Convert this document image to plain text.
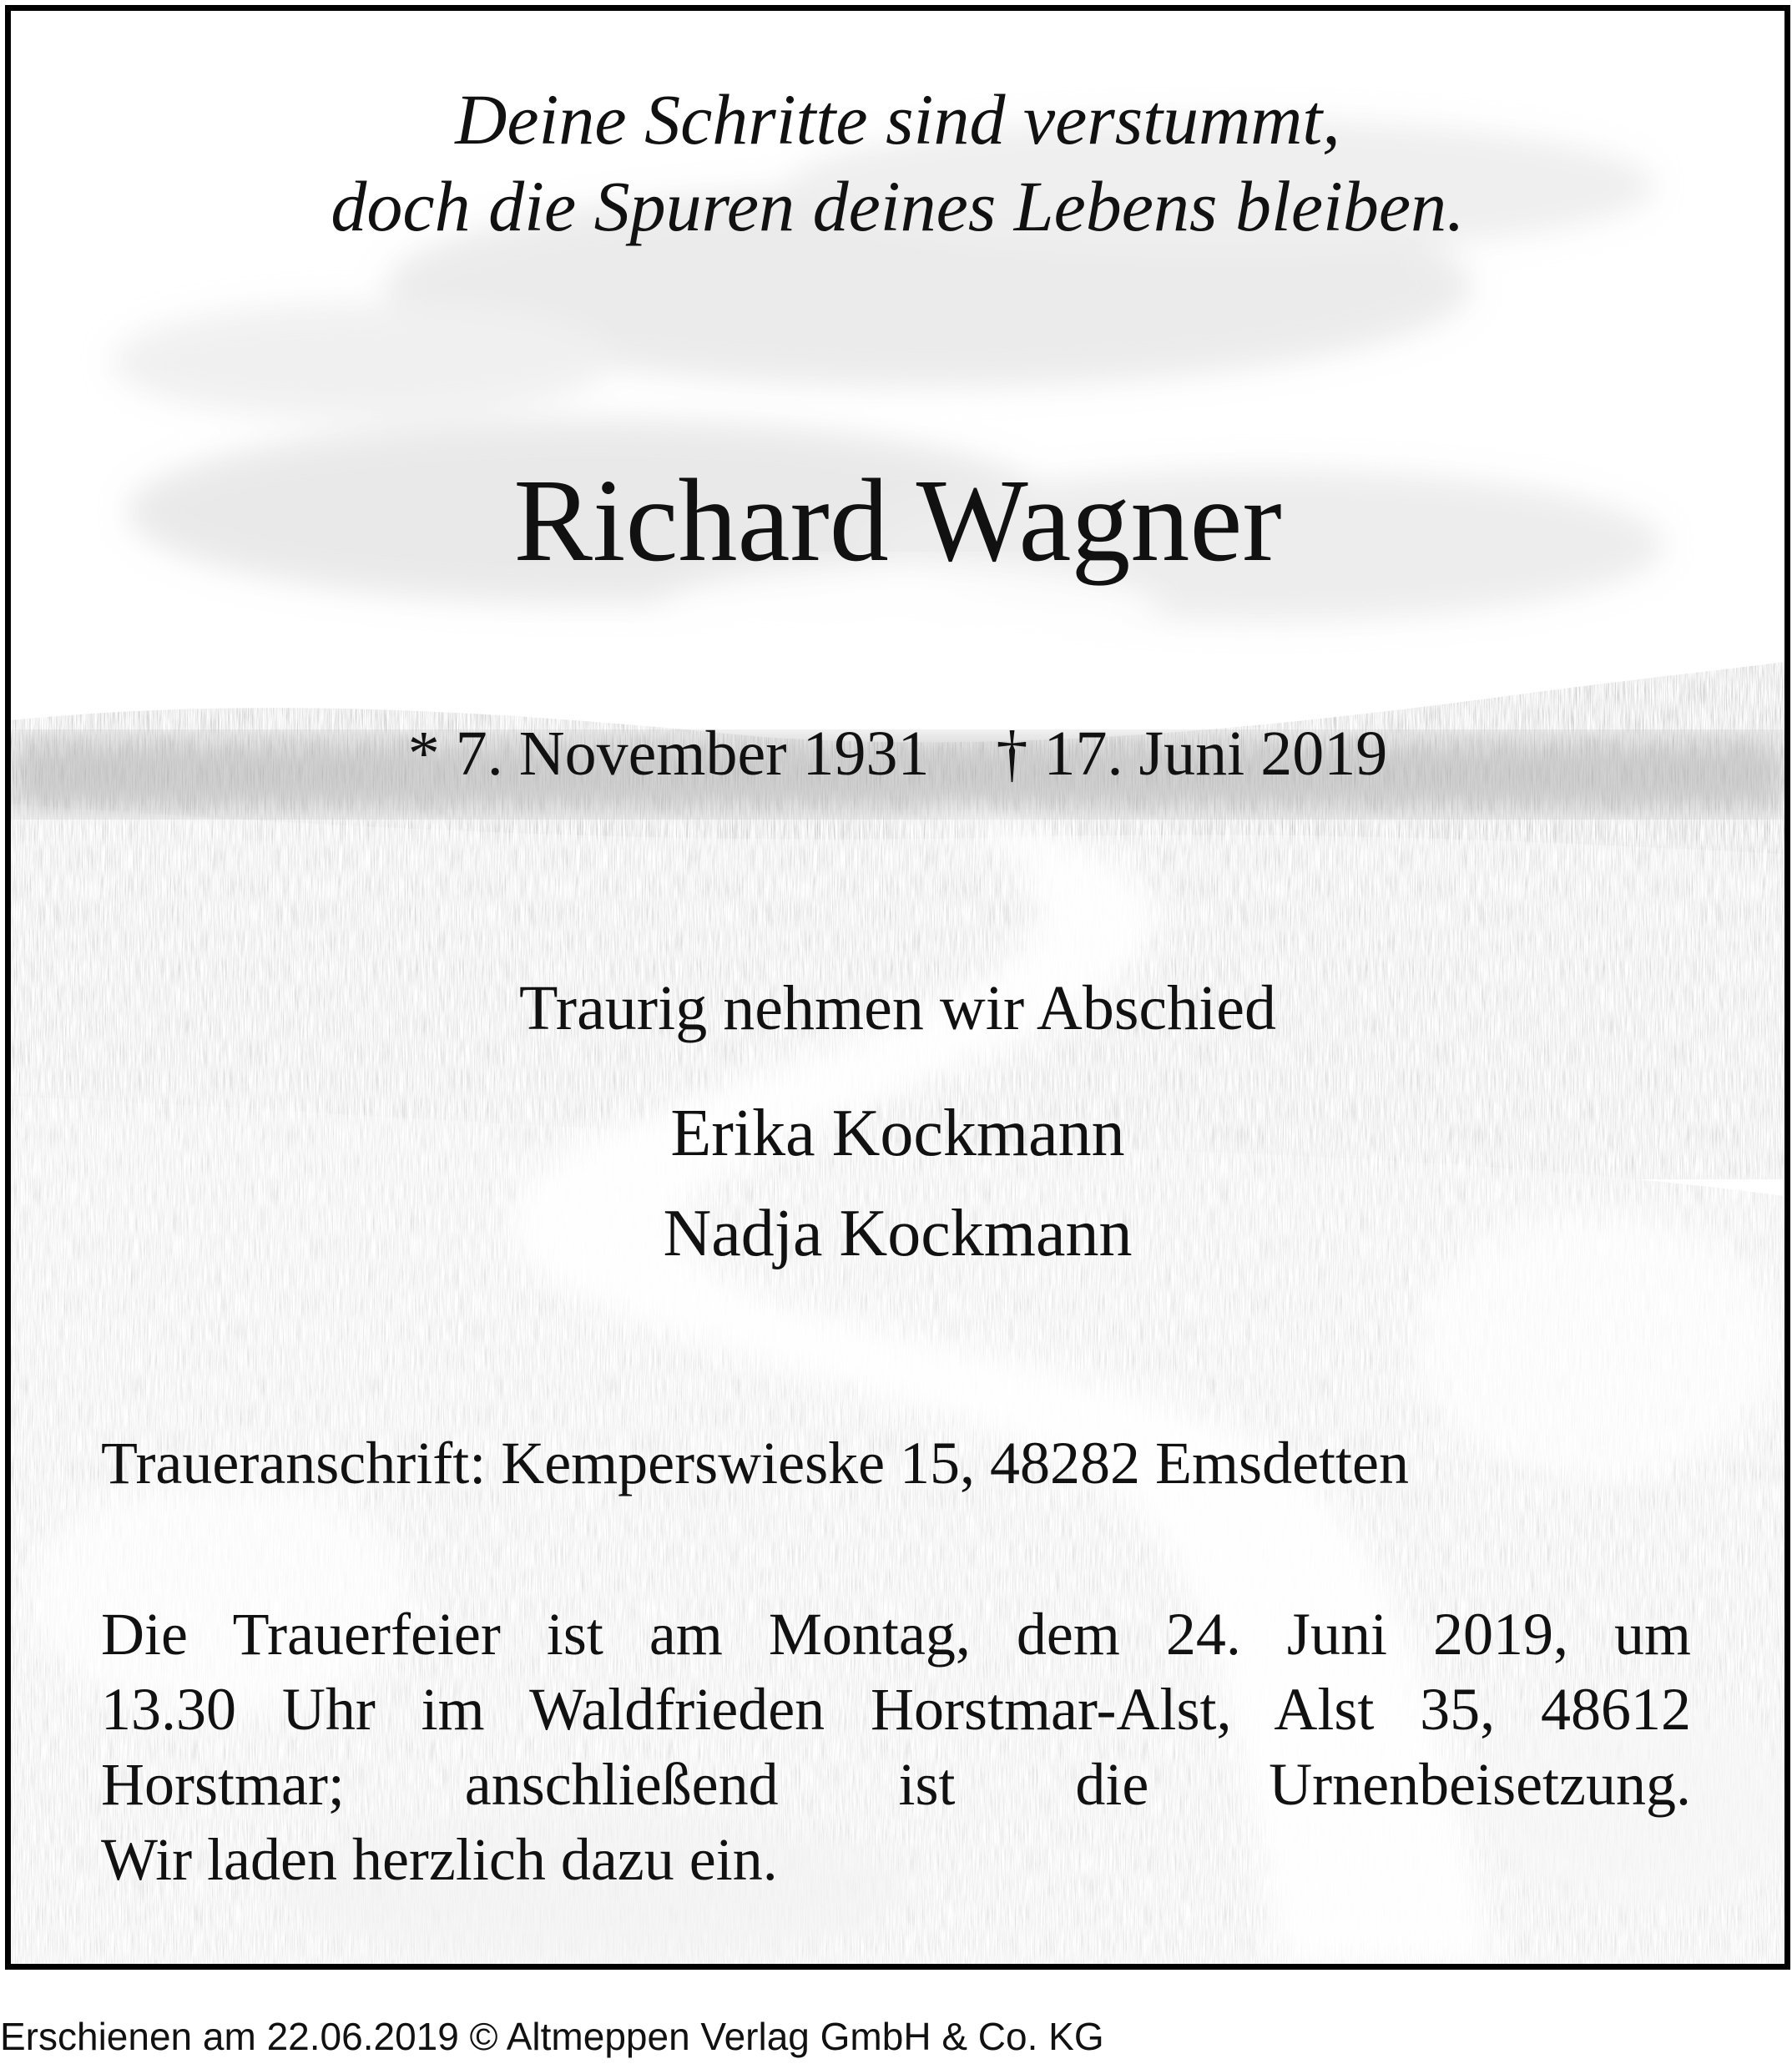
Deine Schritte sind verstummt,
doch die Spuren deines Lebens bleiben.
Richard Wagner
* 7. November 1931 † 17. Juni 2019
Traurig nehmen wir Abschied
Erika Kockmann
Nadja Kockmann
Traueranschrift: Kemperswieske 15, 48282 Emsdetten
Die Trauerfeier ist am Montag, dem 24. Juni 2019, um
13.30 Uhr im Waldfrieden Horstmar-Alst, Alst 35, 48612
Horstmar; anschließend ist die Urnenbeisetzung.
Wir laden herzlich dazu ein.
Erschienen am 22.06.2019 © Altmeppen Verlag GmbH & Co. KG
